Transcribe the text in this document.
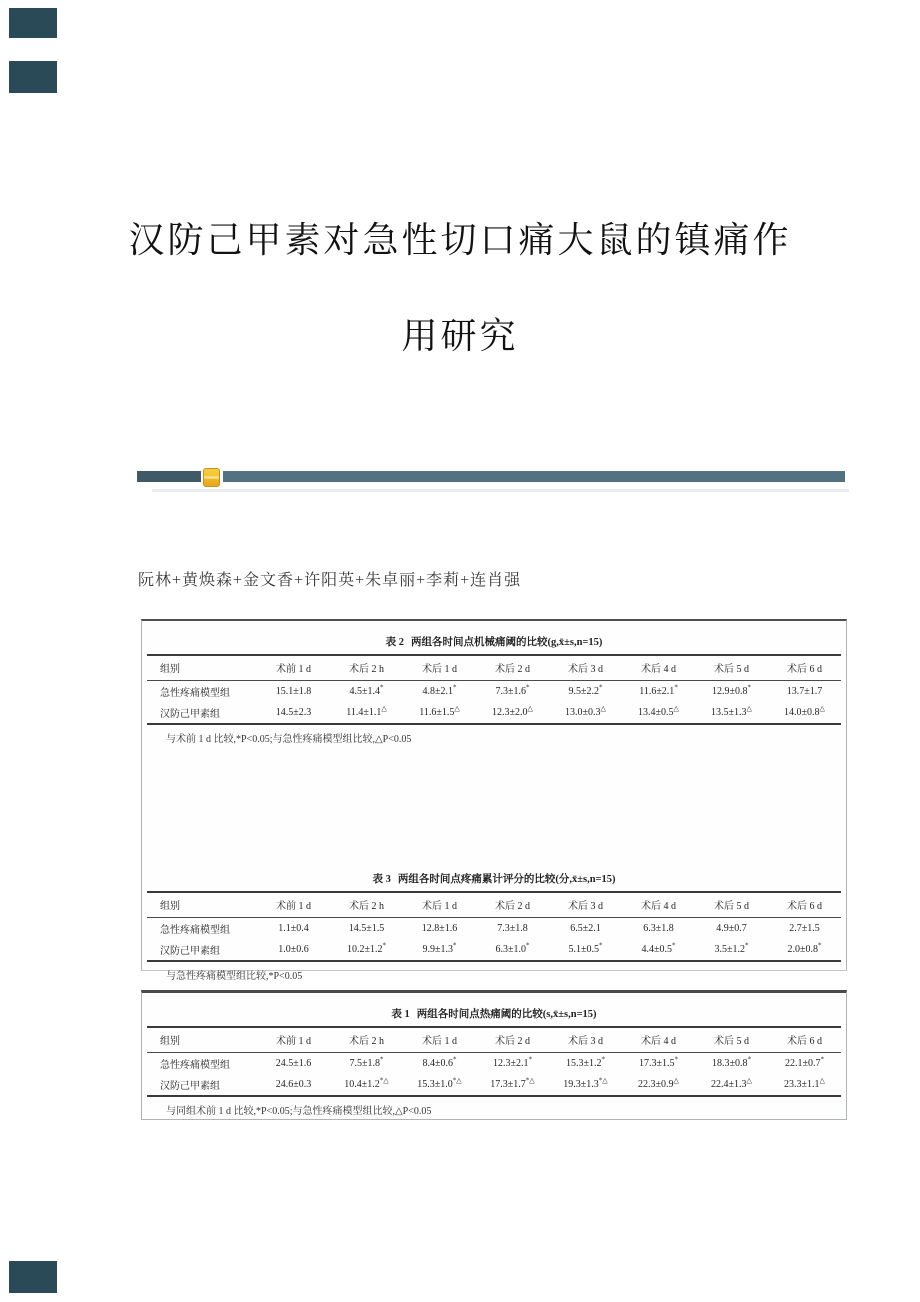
汉防己甲素对急性切口痛大鼠的镇痛作
用研究
阮林+黄焕森+金文香+许阳英+朱卓丽+李莉+连肖强
表 2 两组各时间点机械痛阈的比较(g,x̄±s,n=15)
组别	术前 1 d	术后 2 h	术后 1 d	术后 2 d	术后 3 d	术后 4 d	术后 5 d	术后 6 d
急性疼痛模型组	15.1±1.8	4.5±1.4*	4.8±2.1*	7.3±1.6*	9.5±2.2*	11.6±2.1*	12.9±0.8*	13.7±1.7
汉防己甲素组	14.5±2.3	11.4±1.1△	11.6±1.5△	12.3±2.0△	13.0±0.3△	13.4±0.5△	13.5±1.3△	14.0±0.8△
与术前 1 d 比较,*P<0.05;与急性疼痛模型组比较,△P<0.05
表 3 两组各时间点疼痛累计评分的比较(分,x̄±s,n=15)
组别	术前 1 d	术后 2 h	术后 1 d	术后 2 d	术后 3 d	术后 4 d	术后 5 d	术后 6 d
急性疼痛模型组	1.1±0.4	14.5±1.5	12.8±1.6	7.3±1.8	6.5±2.1	6.3±1.8	4.9±0.7	2.7±1.5
汉防己甲素组	1.0±0.6	10.2±1.2*	9.9±1.3*	6.3±1.0*	5.1±0.5*	4.4±0.5*	3.5±1.2*	2.0±0.8*
与急性疼痛模型组比较,*P<0.05
表 1 两组各时间点热痛阈的比较(s,x̄±s,n=15)
组别	术前 1 d	术后 2 h	术后 1 d	术后 2 d	术后 3 d	术后 4 d	术后 5 d	术后 6 d
急性疼痛模型组	24.5±1.6	7.5±1.8*	8.4±0.6*	12.3±2.1*	15.3±1.2*	17.3±1.5*	18.3±0.8*	22.1±0.7*
汉防己甲素组	24.6±0.3	10.4±1.2*△	15.3±1.0*△	17.3±1.7*△	19.3±1.3*△	22.3±0.9△	22.4±1.3△	23.3±1.1△
与同组术前 1 d 比较,*P<0.05;与急性疼痛模型组比较,△P<0.05
